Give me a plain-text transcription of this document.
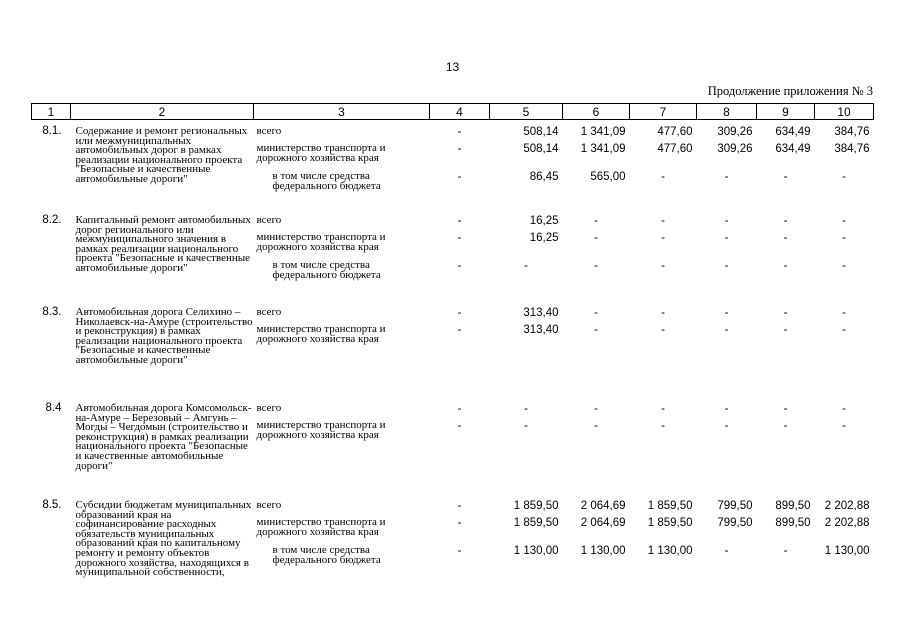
13
Продолжение приложения № 3
1	2	3	4	5	6	7	8	9	10

8.1.	Содержание и ремонт региональных или межмуниципальных автомобильных дорог в рамках реализации национального проекта "Безопасные и качественные автомобильные дороги"	всего	-	508,14	1 341,09	477,60	309,26	634,49	384,76
		министерство транспорта и дорожного хозяйства края	-	508,14	1 341,09	477,60	309,26	634,49	384,76
		в том числе средства федерального бюджета	-	86,45	565,00	-	-	-	-

8.2.	Капитальный ремонт автомобильных дорог регионального или межмуниципального значения в рамках реализации национального проекта "Безопасные и качественные автомобильные дороги"	всего	-	16,25	-	-	-	-	-
		министерство транспорта и дорожного хозяйства края	-	16,25	-	-	-	-	-
		в том числе средства федерального бюджета	-	-	-	-	-	-	-

8.3.	Автомобильная дорога Селихино – Николаевск-на-Амуре (строительство и реконструкция) в рамках реализации национального проекта "Безопасные и качественные автомобильные дороги"	всего	-	313,40	-	-	-	-	-
		министерство транспорта и дорожного хозяйства края	-	313,40	-	-	-	-	-

8.4	Автомобильная дорога Комсомольск-на-Амуре – Березовый – Амгунь – Могды – Чегдомын (строительство и реконструкция) в рамках реализации национального проекта "Безопасные и качественные автомобильные дороги"	всего	-	-	-	-	-	-	-
		министерство транспорта и дорожного хозяйства края	-	-	-	-	-	-	-

8.5.	Субсидии бюджетам муниципальных образований края на софинансирование расходных обязательств муниципальных образований края по капитальному ремонту и ремонту объектов дорожного хозяйства, находящихся в муниципальной собственности,	всего	-	1 859,50	2 064,69	1 859,50	799,50	899,50	2 202,88
		министерство транспорта и дорожного хозяйства края	-	1 859,50	2 064,69	1 859,50	799,50	899,50	2 202,88
		в том числе средства федерального бюджета	-	1 130,00	1 130,00	1 130,00	-	-	1 130,00
